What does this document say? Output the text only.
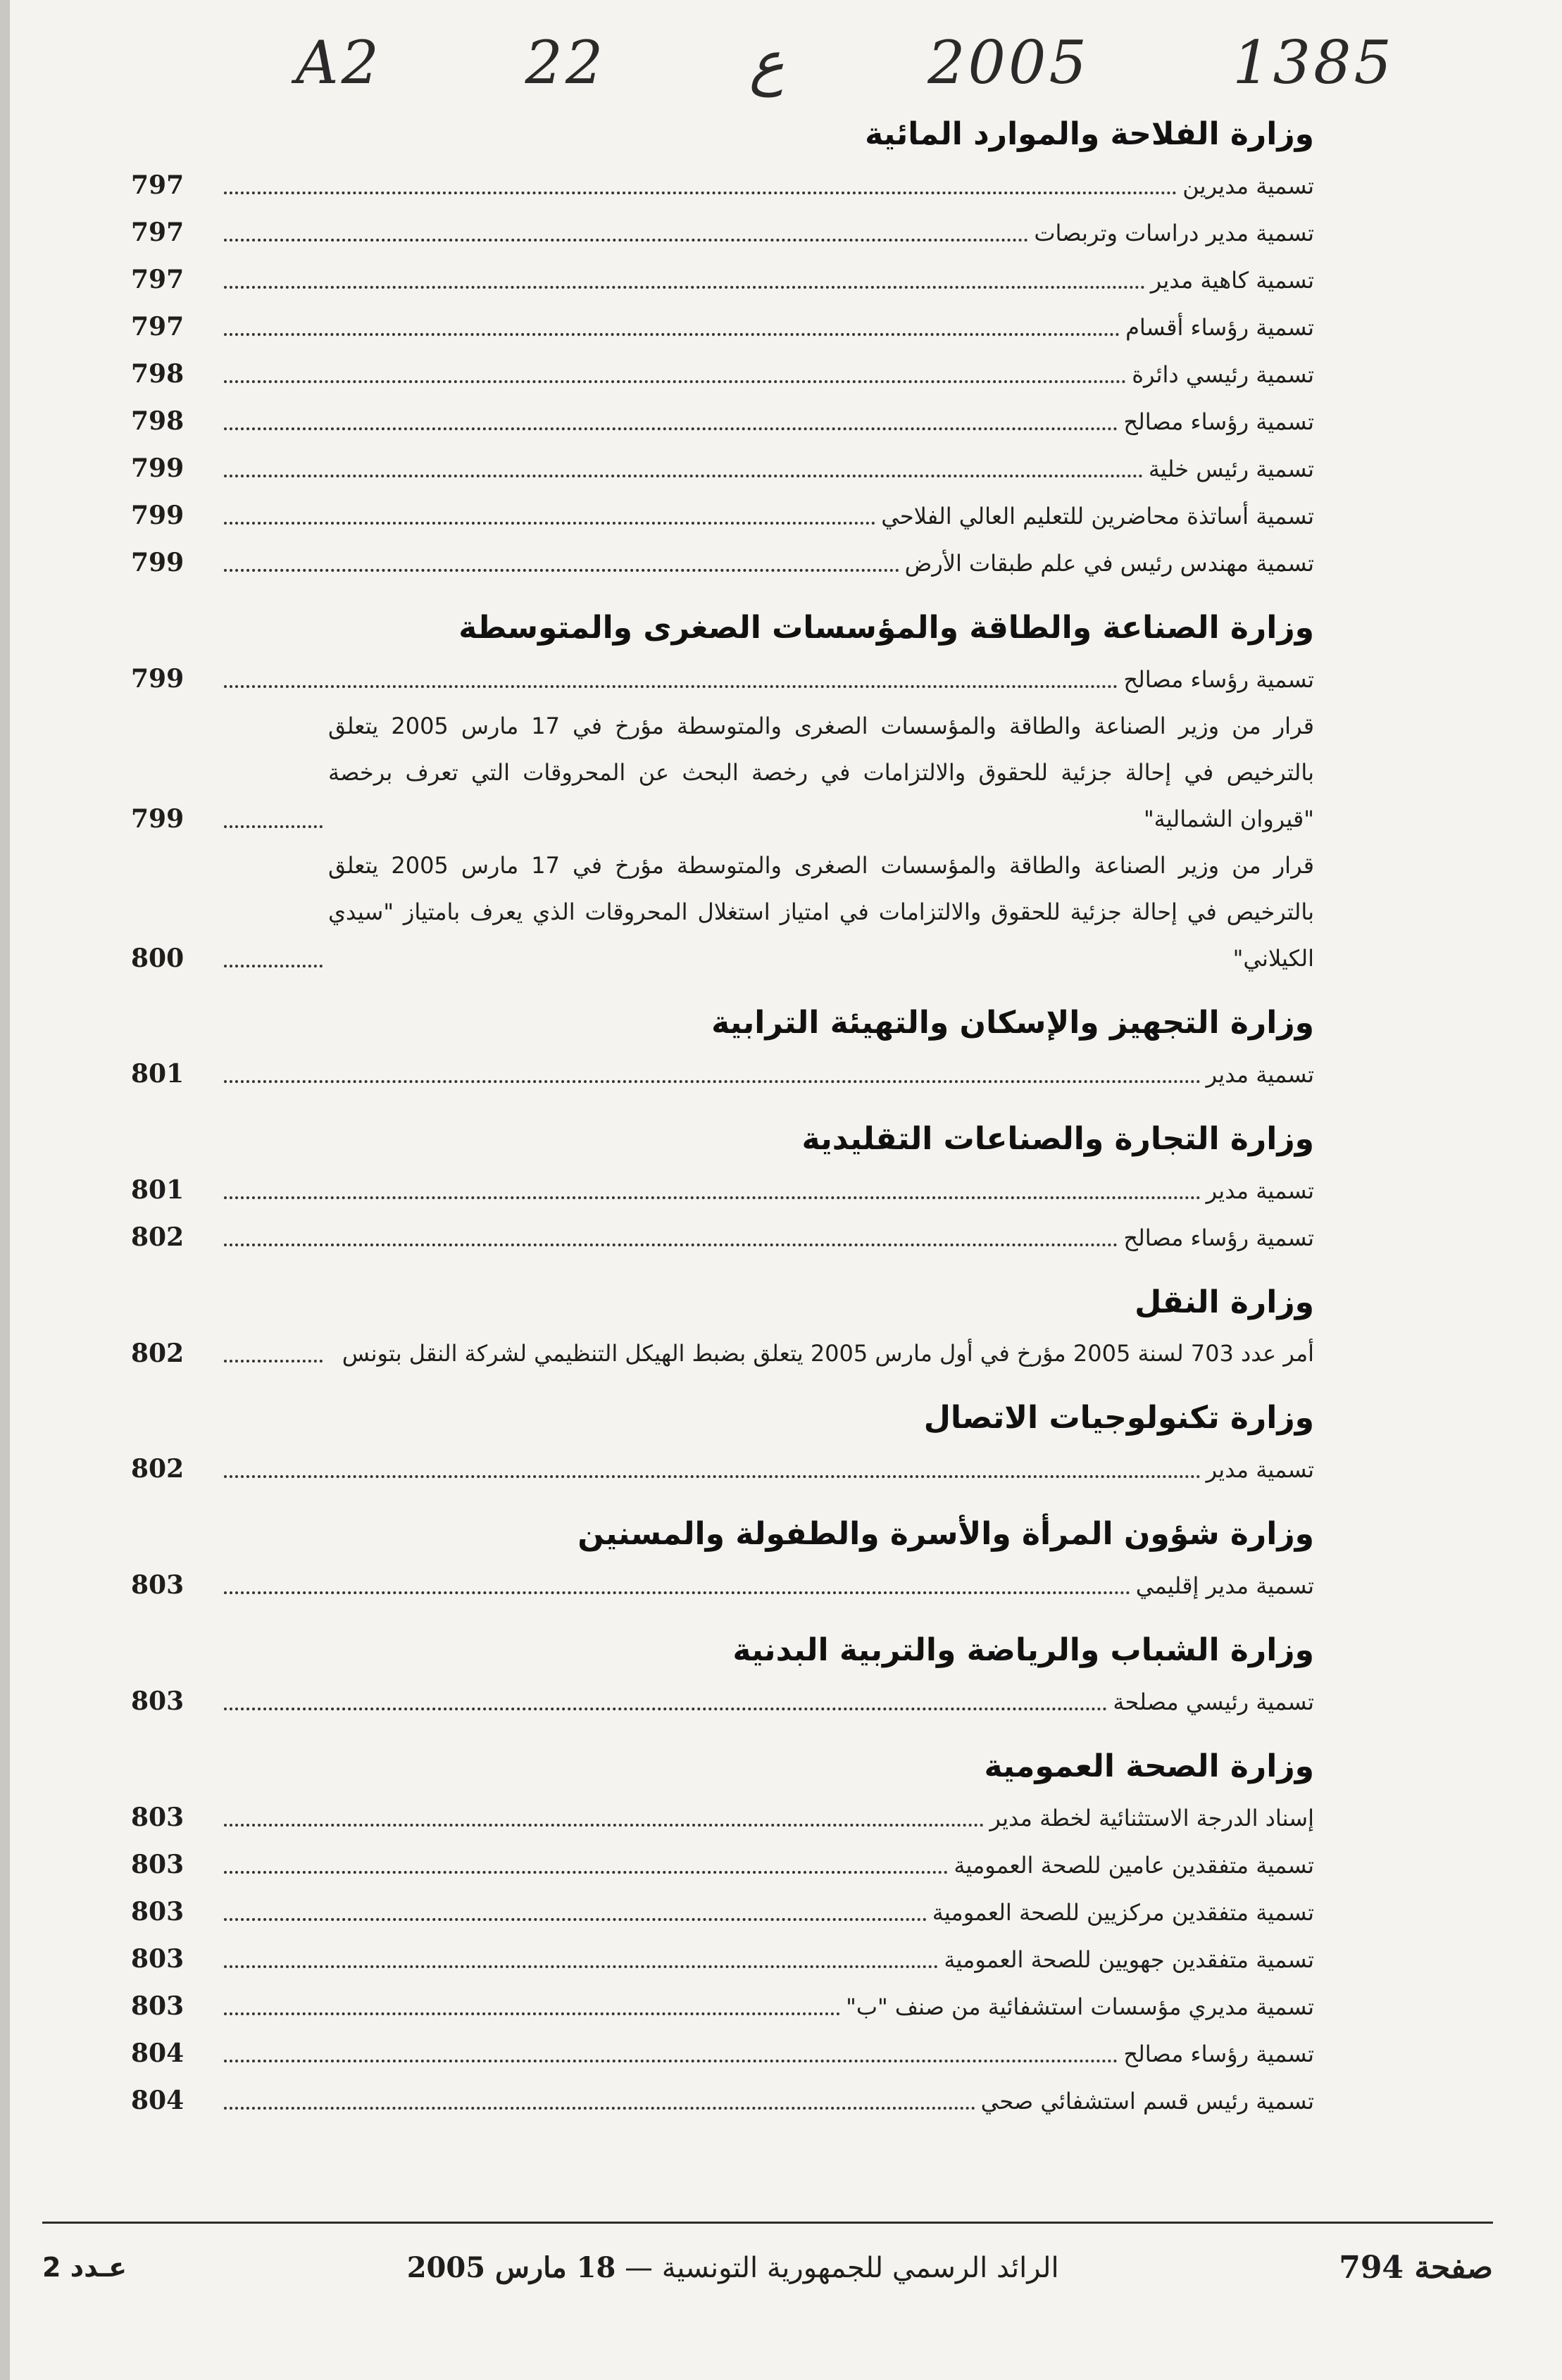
A2 22 ع 2005 1385
وزارة الفلاحة والموارد المائية
تسمية مديرين
797
تسمية مدير دراسات وتربصات
797
تسمية كاهية مدير
797
تسمية رؤساء أقسام
797
تسمية رئيسي دائرة
798
تسمية رؤساء مصالح
798
تسمية رئيس خلية
799
تسمية أساتذة محاضرين للتعليم العالي الفلاحي
799
تسمية مهندس رئيس في علم طبقات الأرض
799
وزارة الصناعة والطاقة والمؤسسات الصغرى والمتوسطة
تسمية رؤساء مصالح
799
قرار من وزير الصناعة والطاقة والمؤسسات الصغرى والمتوسطة مؤرخ في 17 مارس 2005 يتعلق بالترخيص في إحالة جزئية للحقوق والالتزامات في رخصة البحث عن المحروقات التي تعرف برخصة "قيروان الشمالية"
799
قرار من وزير الصناعة والطاقة والمؤسسات الصغرى والمتوسطة مؤرخ في 17 مارس 2005 يتعلق بالترخيص في إحالة جزئية للحقوق والالتزامات في امتياز استغلال المحروقات الذي يعرف بامتياز "سيدي الكيلاني"
800
وزارة التجهيز والإسكان والتهيئة الترابية
تسمية مدير
801
وزارة التجارة والصناعات التقليدية
تسمية مدير
801
تسمية رؤساء مصالح
802
وزارة النقل
أمر عدد 703 لسنة 2005 مؤرخ في أول مارس 2005 يتعلق بضبط الهيكل التنظيمي لشركة النقل بتونس
802
وزارة تكنولوجيات الاتصال
تسمية مدير
802
وزارة شؤون المرأة والأسرة والطفولة والمسنين
تسمية مدير إقليمي
803
وزارة الشباب والرياضة والتربية البدنية
تسمية رئيسي مصلحة
803
وزارة الصحة العمومية
إسناد الدرجة الاستثنائية لخطة مدير
803
تسمية متفقدين عامين للصحة العمومية
803
تسمية متفقدين مركزيين للصحة العمومية
803
تسمية متفقدين جهويين للصحة العمومية
803
تسمية مديري مؤسسات استشفائية من صنف "ب"
803
تسمية رؤساء مصالح
804
تسمية رئيس قسم استشفائي صحي
804
عـدد 2	الرائد الرسمي للجمهورية التونسية — 18 مارس 2005	صفحة 794
